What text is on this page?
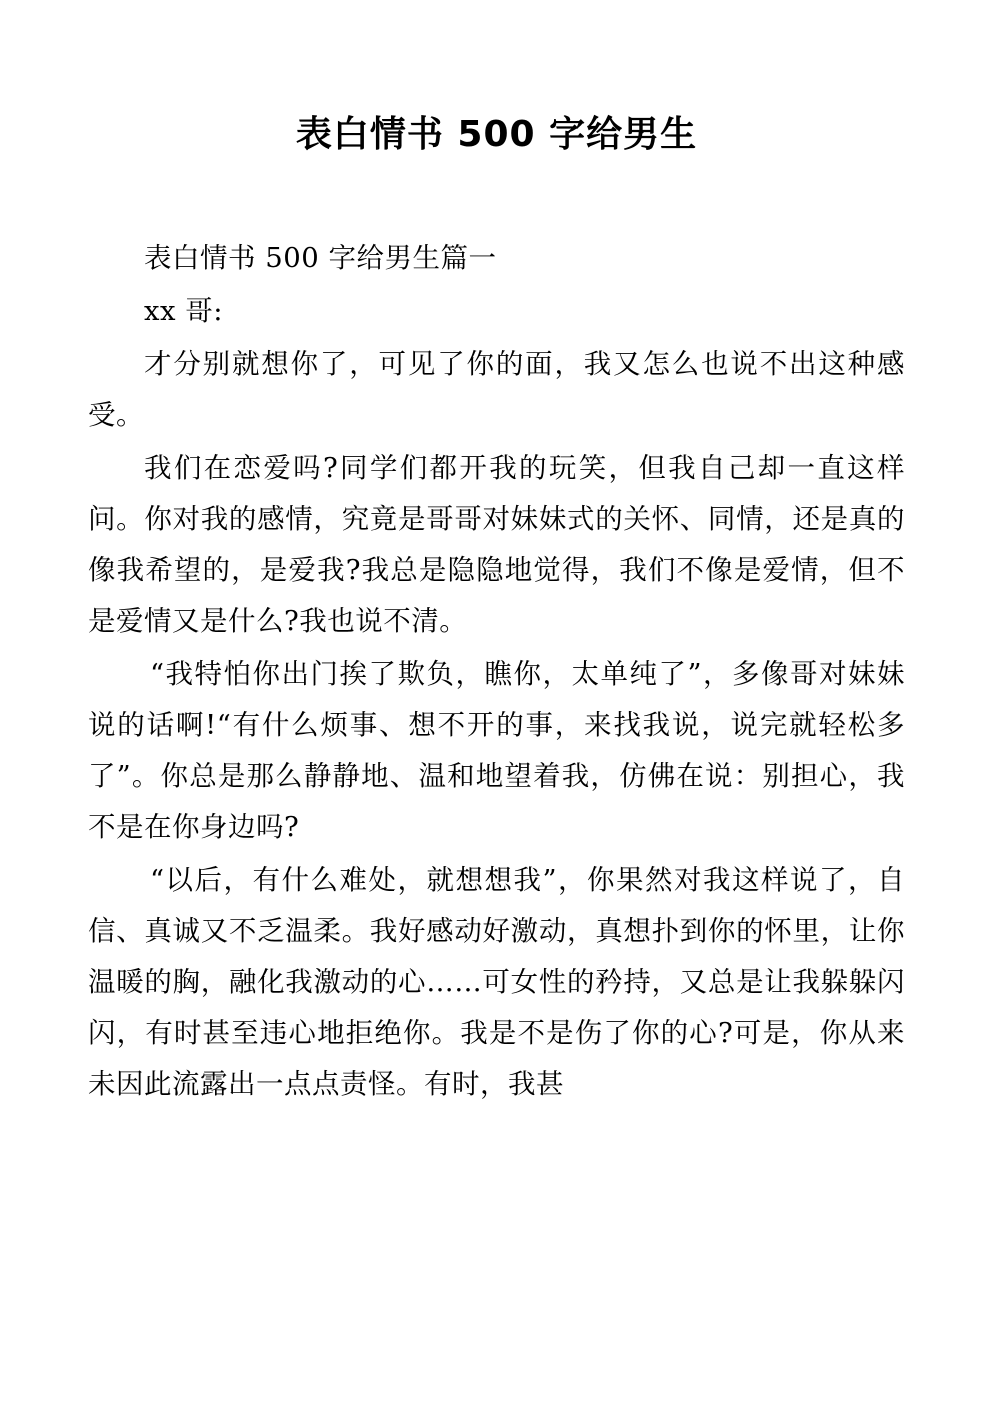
表白情书 500 字给男生

表白情书 500 字给男生篇一

xx 哥:

才分别就想你了，可见了你的面，我又怎么也说不出这种感受。

我们在恋爱吗?同学们都开我的玩笑，但我自己却一直这样问。你对我的感情，究竟是哥哥对妹妹式的关怀、同情，还是真的像我希望的，是爱我?我总是隐隐地觉得，我们不像是爱情，但不是爱情又是什么?我也说不清。

“我特怕你出门挨了欺负，瞧你，太单纯了”，多像哥对妹妹说的话啊!“有什么烦事、想不开的事，来找我说，说完就轻松多了”。你总是那么静静地、温和地望着我，仿佛在说：别担心，我不是在你身边吗?

“以后，有什么难处，就想想我”，你果然对我这样说了，自信、真诚又不乏温柔。我好感动好激动，真想扑到你的怀里，让你温暖的胸，融化我激动的心……可女性的矜持，又总是让我躲躲闪闪，有时甚至违心地拒绝你。我是不是伤了你的心?可是，你从来未因此流露出一点点责怪。有时，我甚
